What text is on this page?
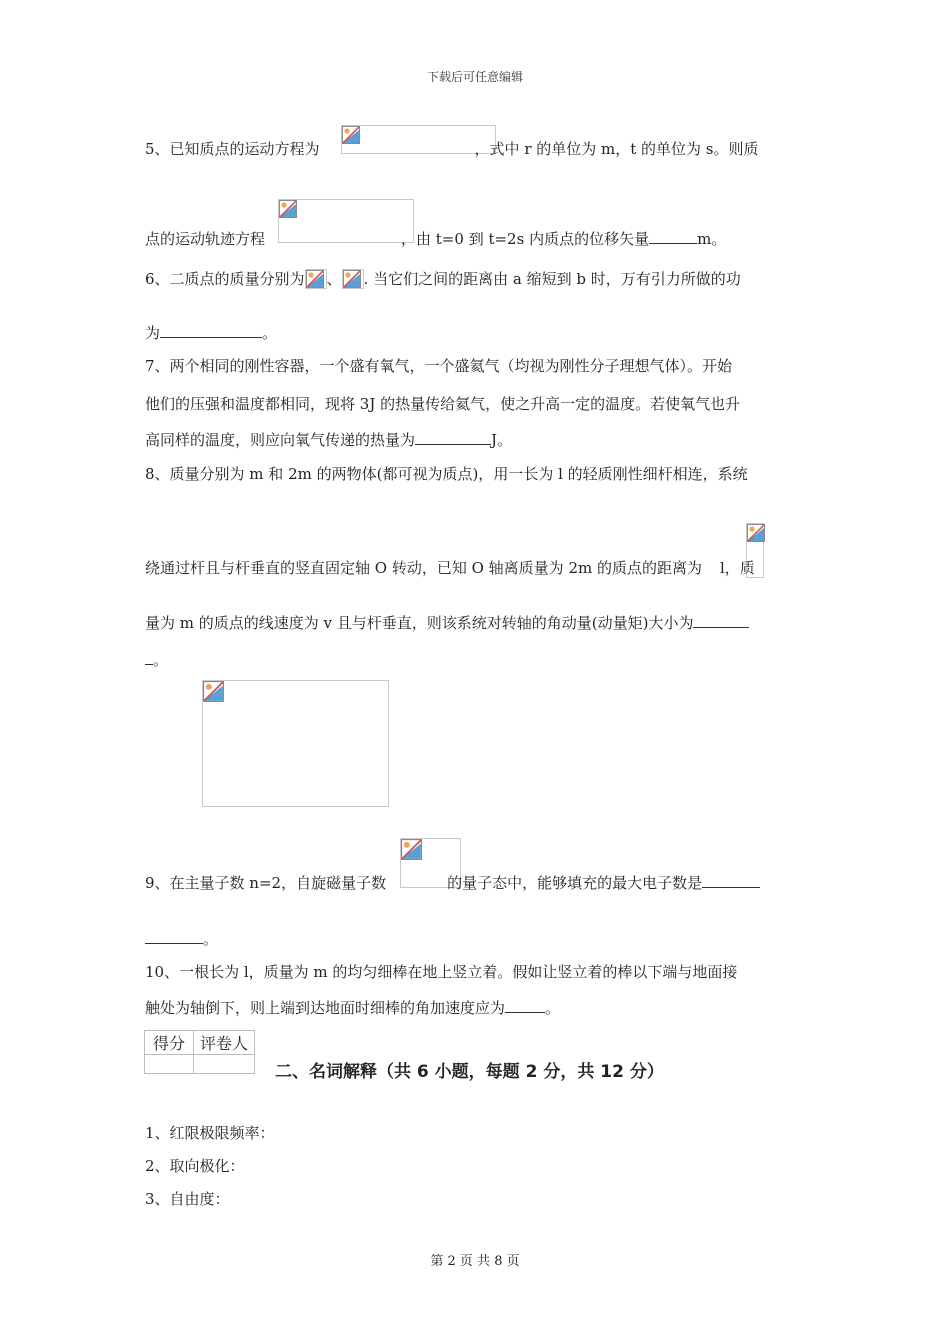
下载后可任意编辑
5、已知质点的运动方程为	，式中 r 的单位为 m，t 的单位为 s。则质
点的运动轨迹方程	，由 t=0 到 t=2s 内质点的位移矢量	m。
6、二质点的质量分别为 、 . 当它们之间的距离由 a 缩短到 b 时，万有引力所做的功
为	。
7、两个相同的刚性容器，一个盛有氧气，一个盛氦气（均视为刚性分子理想气体）。开始
他们的压强和温度都相同，现将 3J 的热量传给氦气，使之升高一定的温度。若使氧气也升
高同样的温度，则应向氧气传递的热量为	J。
8、质量分别为 m 和 2m 的两物体(都可视为质点)，用一长为 l 的轻质刚性细杆相连，系统
绕通过杆且与杆垂直的竖直固定轴 O 转动，已知 O 轴离质量为 2m 的质点的距离为 l，质
量为 m 的质点的线速度为 v 且与杆垂直，则该系统对转轴的角动量(动量矩)大小为
。
9、在主量子数 n=2，自旋磁量子数	的量子态中，能够填充的最大电子数是
。
10、一根长为 l，质量为 m 的均匀细棒在地上竖立着。假如让竖立着的棒以下端与地面接
触处为轴倒下，则上端到达地面时细棒的角加速度应为	。
得分	评卷人

二、名词解释（共 6 小题，每题 2 分，共 12 分）
1、红限极限频率：
2、取向极化：
3、自由度：
第 2 页 共 8 页
